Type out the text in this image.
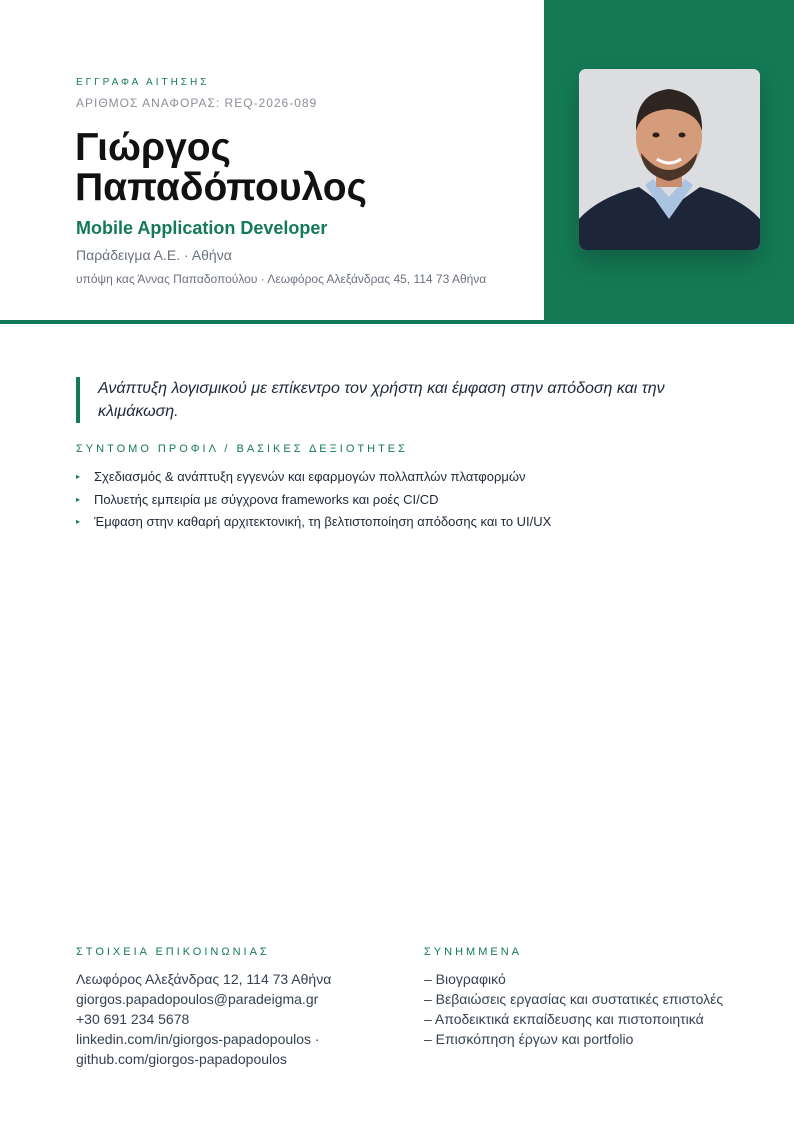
ΕΓΓΡΑΦΑ ΑΙΤΗΣΗΣ
ΑΡΙΘΜΟΣ ΑΝΑΦΟΡΑΣ: REQ-2026-089
Γιώργος
Παπαδόπουλος
Mobile Application Developer
Παράδειγμα Α.Ε. · Αθήνα
υπόψη κας Άννας Παπαδοπούλου · Λεωφόρος Αλεξάνδρας 45, 114 73 Αθήνα
Ανάπτυξη λογισμικού με επίκεντρο τον χρήστη και έμφαση στην απόδοση και την κλιμάκωση.
ΣΥΝΤΟΜΟ ΠΡΟΦΙΛ / ΒΑΣΙΚΕΣ ΔΕΞΙΟΤΗΤΕΣ
▸ Σχεδιασμός & ανάπτυξη εγγενών και εφαρμογών πολλαπλών πλατφορμών
▸ Πολυετής εμπειρία με σύγχρονα frameworks και ροές CI/CD
▸ Έμφαση στην καθαρή αρχιτεκτονική, τη βελτιστοποίηση απόδοσης και το UI/UX
ΣΤΟΙΧΕΙΑ ΕΠΙΚΟΙΝΩΝΙΑΣ
Λεωφόρος Αλεξάνδρας 12, 114 73 Αθήνα
giorgos.papadopoulos@paradeigma.gr
+30 691 234 5678
linkedin.com/in/giorgos-papadopoulos ·
github.com/giorgos-papadopoulos
ΣΥΝΗΜΜΕΝΑ
– Βιογραφικό
– Βεβαιώσεις εργασίας και συστατικές επιστολές
– Αποδεικτικά εκπαίδευσης και πιστοποιητικά
– Επισκόπηση έργων και portfolio
